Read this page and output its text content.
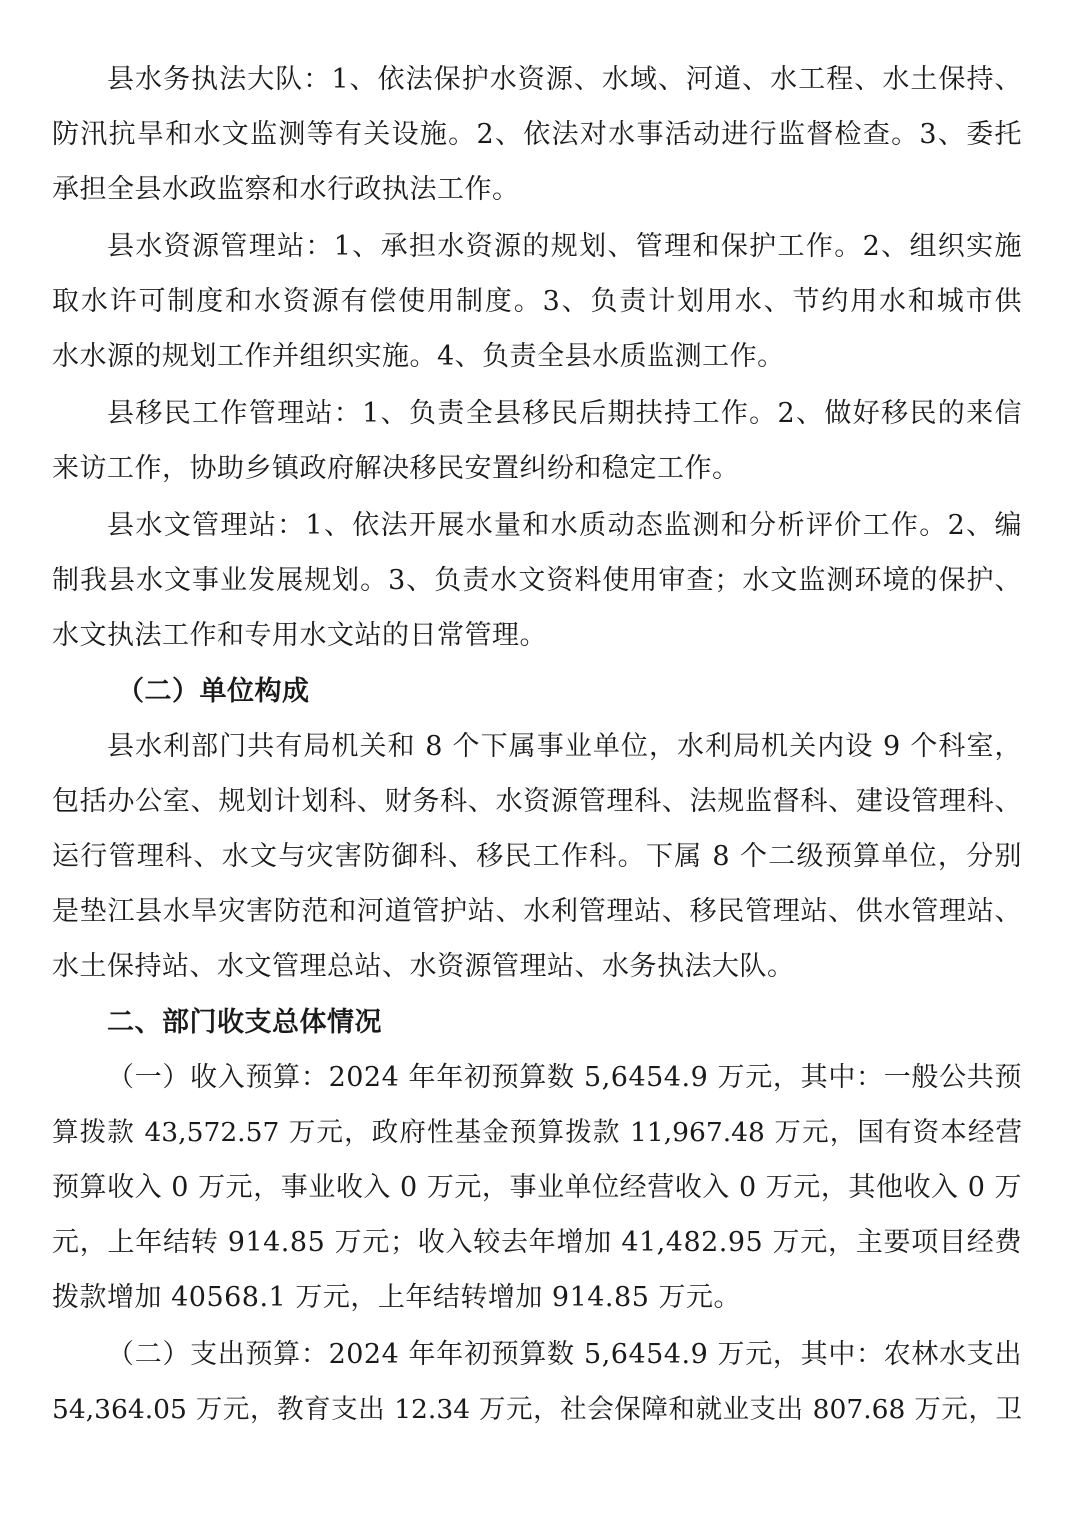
县水务执法大队：1、依法保护水资源、水域、河道、水工程、水土保持、
防汛抗旱和水文监测等有关设施。2、依法对水事活动进行监督检查。3、委托
承担全县水政监察和水行政执法工作。
县水资源管理站：1、承担水资源的规划、管理和保护工作。2、组织实施
取水许可制度和水资源有偿使用制度。3、负责计划用水、节约用水和城市供
水水源的规划工作并组织实施。4、负责全县水质监测工作。
县移民工作管理站：1、负责全县移民后期扶持工作。2、做好移民的来信
来访工作，协助乡镇政府解决移民安置纠纷和稳定工作。
县水文管理站：1、依法开展水量和水质动态监测和分析评价工作。2、编
制我县水文事业发展规划。3、负责水文资料使用审查；水文监测环境的保护、
水文执法工作和专用水文站的日常管理。
（二）单位构成
县水利部门共有局机关和 8 个下属事业单位，水利局机关内设 9 个科室，
包括办公室、规划计划科、财务科、水资源管理科、法规监督科、建设管理科、
运行管理科、水文与灾害防御科、移民工作科。下属 8 个二级预算单位，分别
是垫江县水旱灾害防范和河道管护站、水利管理站、移民管理站、供水管理站、
水土保持站、水文管理总站、水资源管理站、水务执法大队。
二、部门收支总体情况
（一）收入预算：2024 年年初预算数 5,6454.9 万元，其中：一般公共预
算拨款 43,572.57 万元，政府性基金预算拨款 11,967.48 万元，国有资本经营
预算收入 0 万元，事业收入 0 万元，事业单位经营收入 0 万元，其他收入 0 万
元，上年结转 914.85 万元；收入较去年增加 41,482.95 万元，主要项目经费
拨款增加 40568.1 万元，上年结转增加 914.85 万元。
（二）支出预算：2024 年年初预算数 5,6454.9 万元，其中：农林水支出
54,364.05 万元，教育支出 12.34 万元，社会保障和就业支出 807.68 万元，卫
